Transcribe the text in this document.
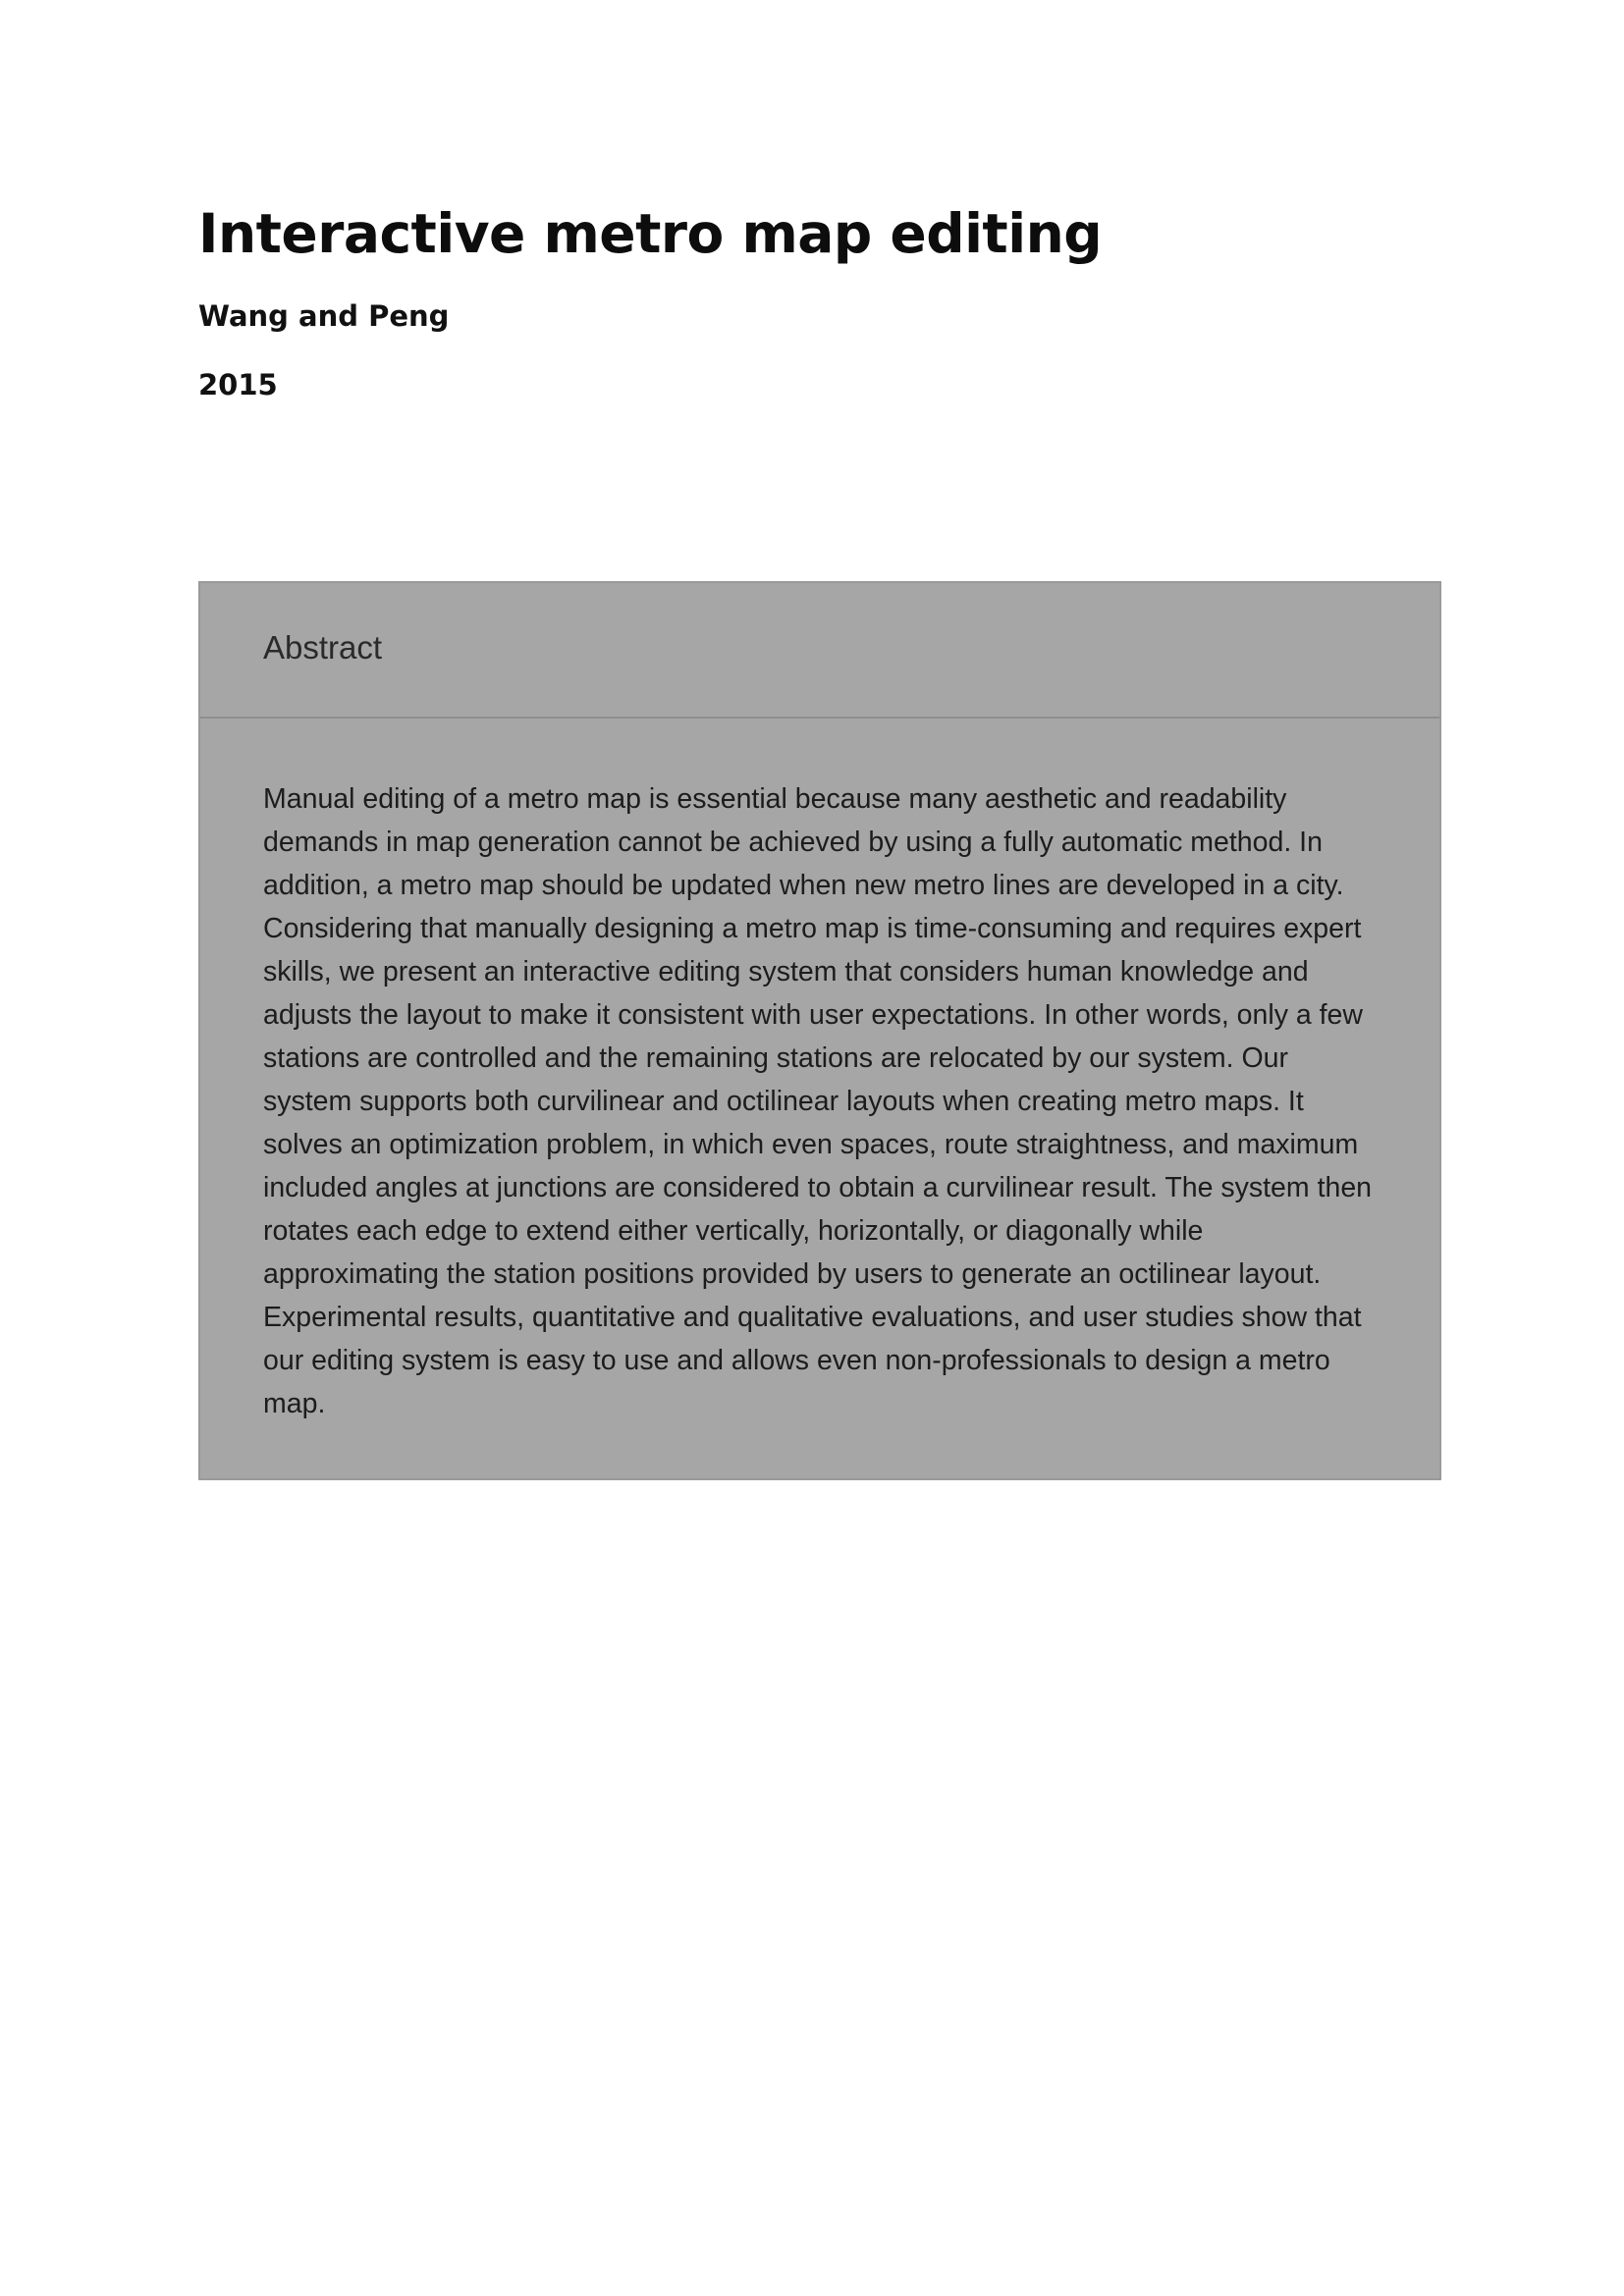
Interactive metro map editing

Wang and Peng

2015

Abstract

Manual editing of a metro map is essential because many aesthetic and readability demands in map generation cannot be achieved by using a fully automatic method. In addition, a metro map should be updated when new metro lines are developed in a city. Considering that manually designing a metro map is time-consuming and requires expert skills, we present an interactive editing system that considers human knowledge and adjusts the layout to make it consistent with user expectations. In other words, only a few stations are controlled and the remaining stations are relocated by our system. Our system supports both curvilinear and octilinear layouts when creating metro maps. It solves an optimization problem, in which even spaces, route straightness, and maximum included angles at junctions are considered to obtain a curvilinear result. The system then rotates each edge to extend either vertically, horizontally, or diagonally while approximating the station positions provided by users to generate an octilinear layout. Experimental results, quantitative and qualitative evaluations, and user studies show that our editing system is easy to use and allows even non-professionals to design a metro map.
